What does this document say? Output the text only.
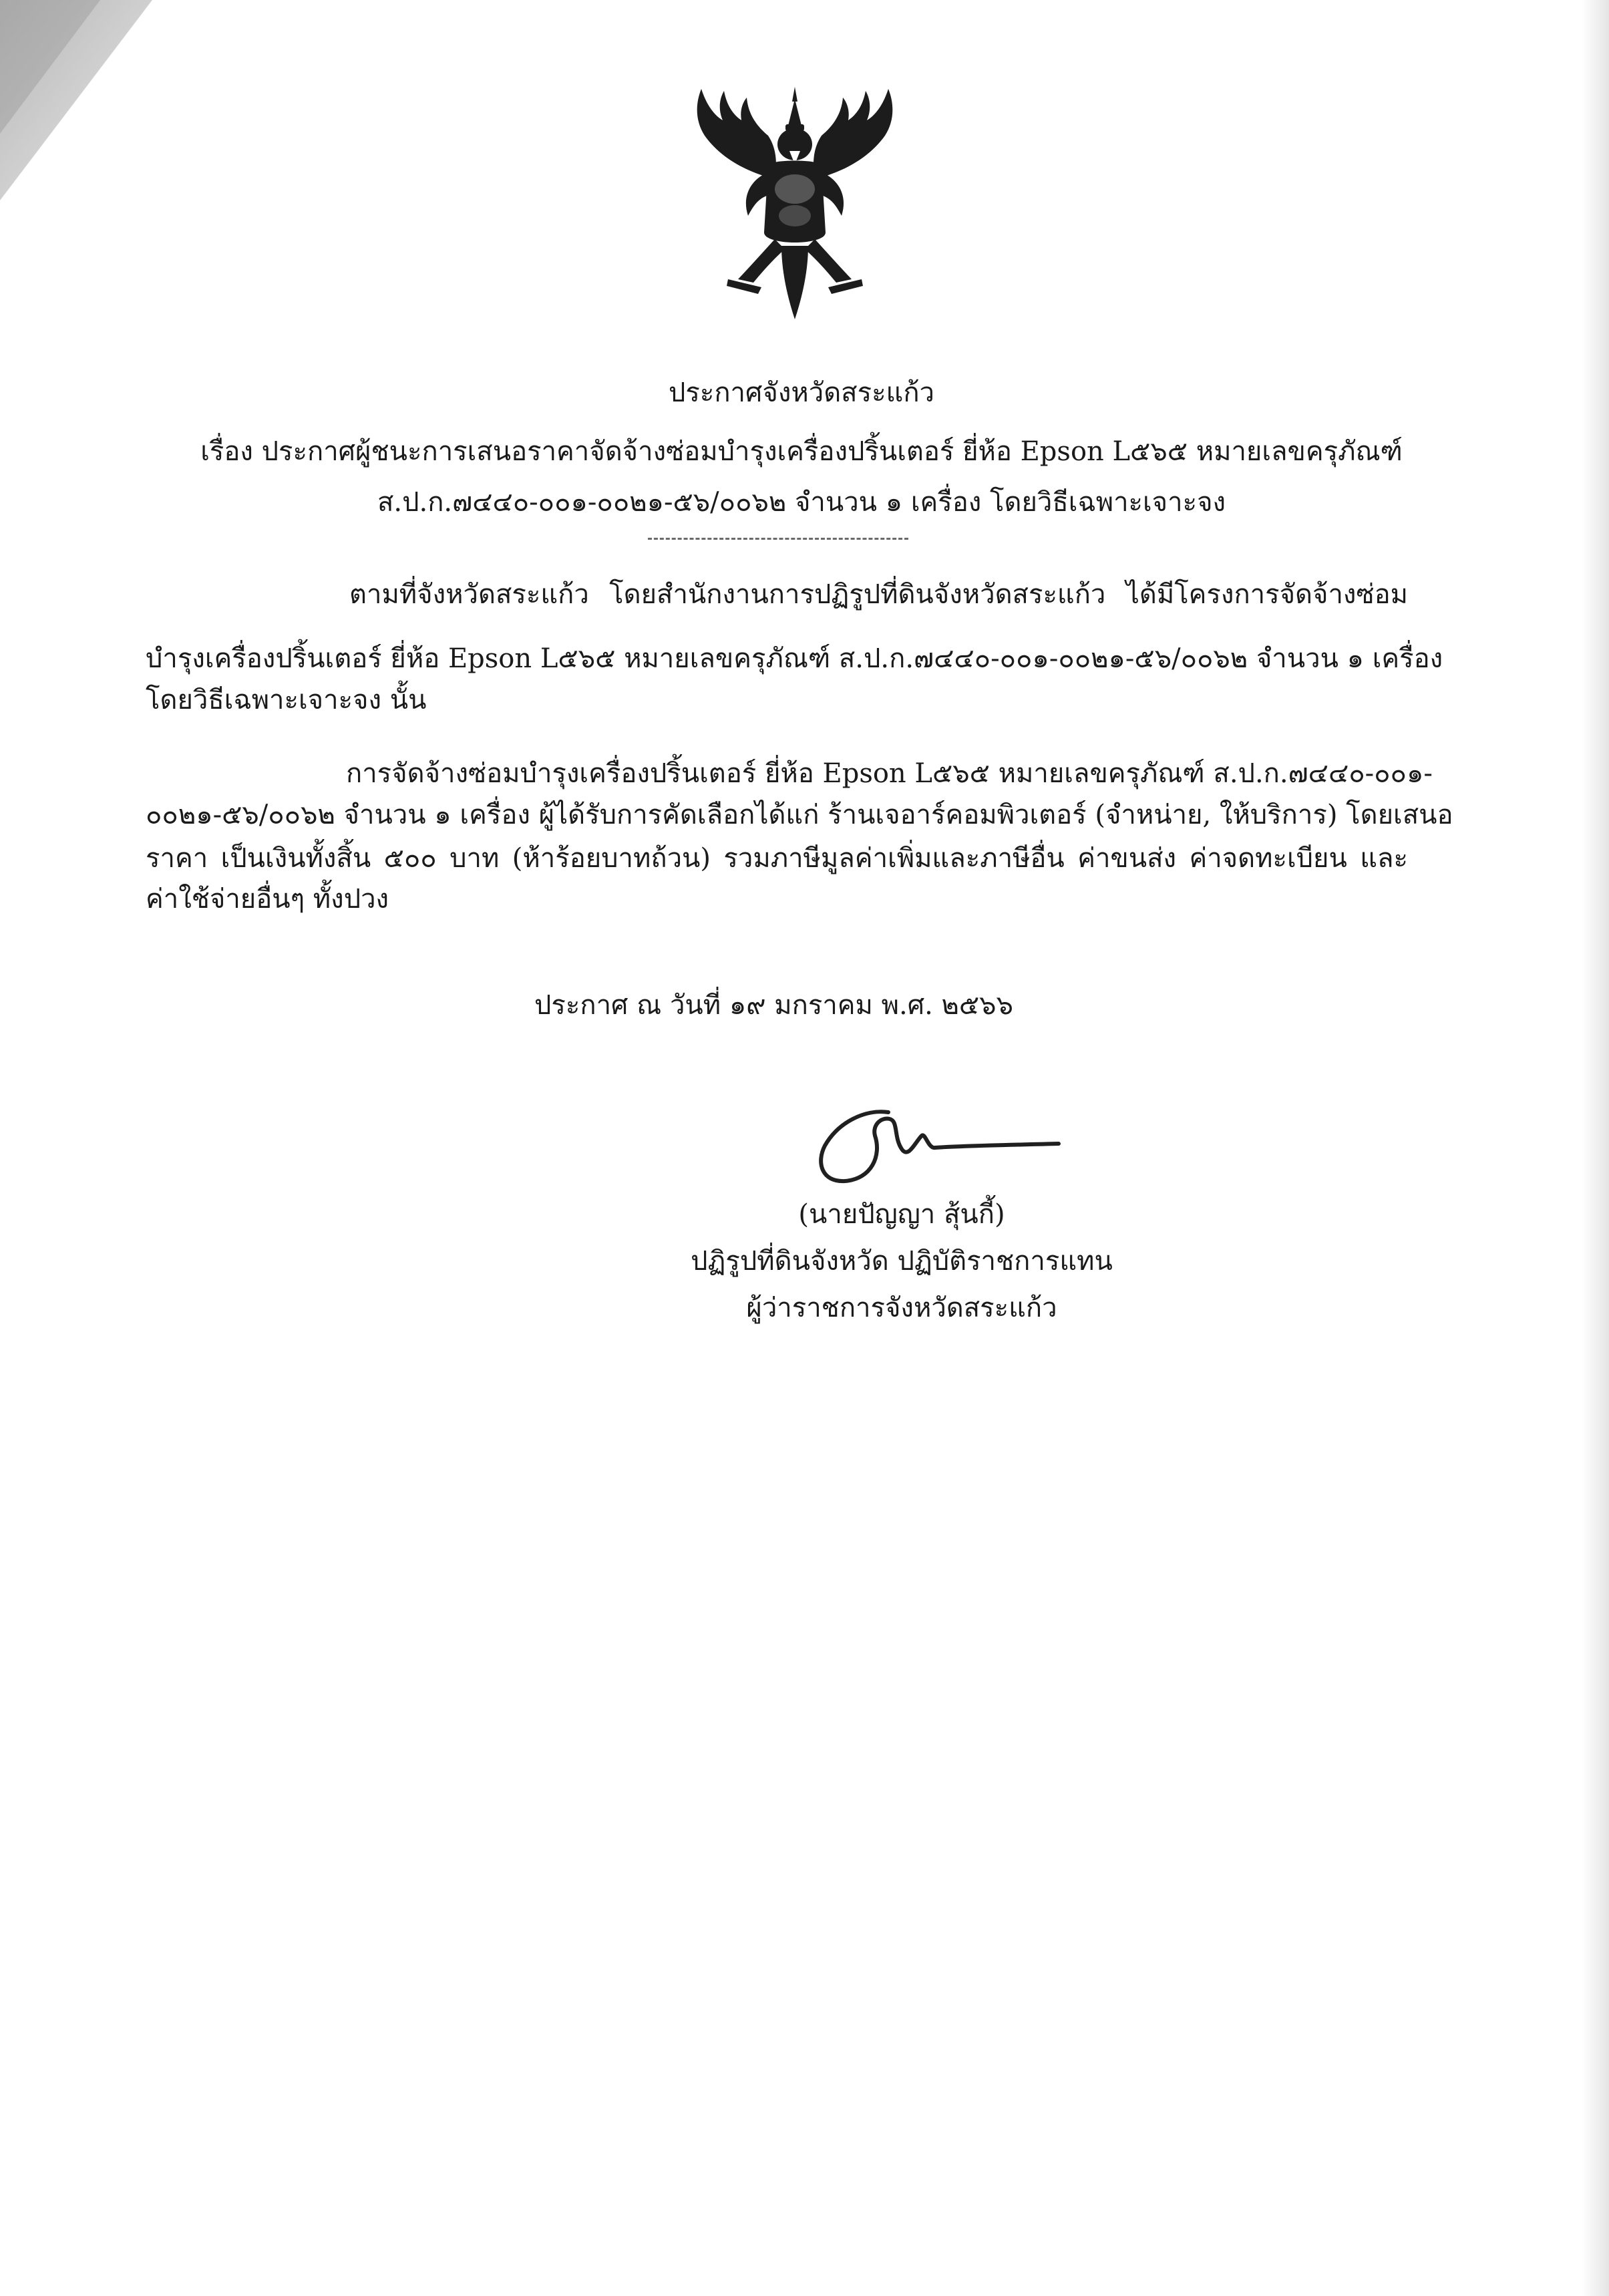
ประกาศจังหวัดสระแก้ว
เรื่อง ประกาศผู้ชนะการเสนอราคาจัดจ้างซ่อมบำรุงเครื่องปริ้นเตอร์ ยี่ห้อ Epson L๕๖๕ หมายเลขครุภัณฑ์
ส.ป.ก.๗๔๔๐-๐๐๑-๐๐๒๑-๕๖/๐๐๖๒ จำนวน ๑ เครื่อง โดยวิธีเฉพาะเจาะจง
ตามที่จังหวัดสระแก้ว โดยสำนักงานการปฏิรูปที่ดินจังหวัดสระแก้ว ได้มีโครงการจัดจ้างซ่อม
บำรุงเครื่องปริ้นเตอร์ ยี่ห้อ Epson L๕๖๕ หมายเลขครุภัณฑ์ ส.ป.ก.๗๔๔๐-๐๐๑-๐๐๒๑-๕๖/๐๐๖๒ จำนวน ๑ เครื่อง
โดยวิธีเฉพาะเจาะจง นั้น
การจัดจ้างซ่อมบำรุงเครื่องปริ้นเตอร์ ยี่ห้อ Epson L๕๖๕ หมายเลขครุภัณฑ์ ส.ป.ก.๗๔๔๐-๐๐๑-
๐๐๒๑-๕๖/๐๐๖๒ จำนวน ๑ เครื่อง ผู้ได้รับการคัดเลือกได้แก่ ร้านเจอาร์คอมพิวเตอร์ (จำหน่าย, ให้บริการ) โดยเสนอ
ราคา เป็นเงินทั้งสิ้น ๕๐๐ บาท (ห้าร้อยบาทถ้วน) รวมภาษีมูลค่าเพิ่มและภาษีอื่น ค่าขนส่ง ค่าจดทะเบียน และ
ค่าใช้จ่ายอื่นๆ ทั้งปวง
ประกาศ ณ วันที่ ๑๙ มกราคม พ.ศ. ๒๕๖๖
(นายปัญญา สุ้นกี้)
ปฏิรูปที่ดินจังหวัด ปฏิบัติราชการแทน
ผู้ว่าราชการจังหวัดสระแก้ว
